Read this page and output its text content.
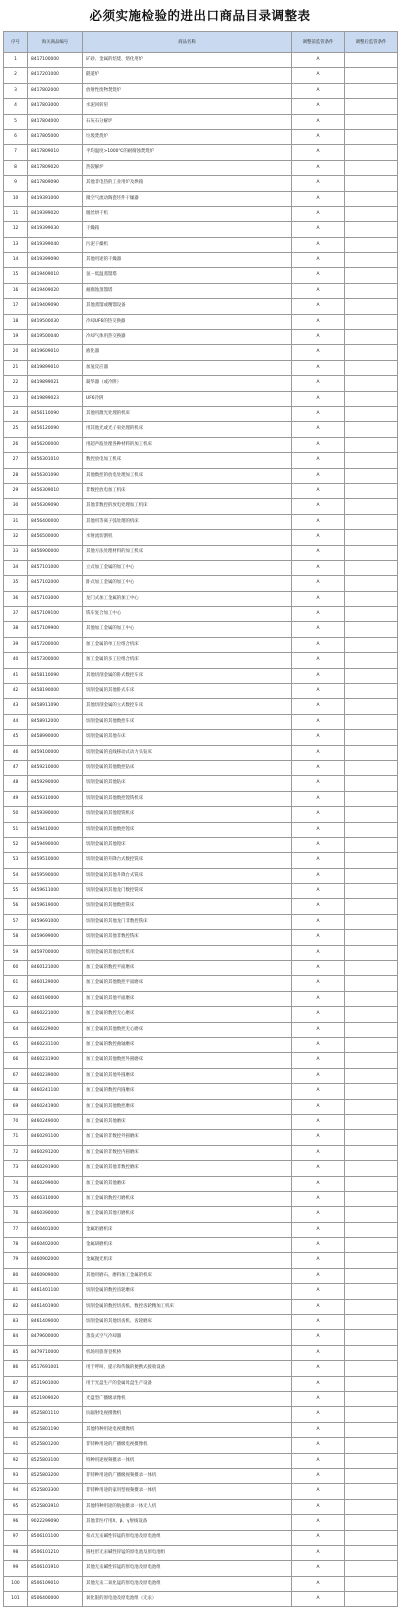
必须实施检验的进出口商品目录调整表
序号	海关商品编号	商品名称	调整前监管条件	调整后监管条件
1	8417100000	矿砂、金属的焙烧、熔化用炉	A	
2	8417201000	隧道炉	A	
3	8417802000	放射性废物焚烧炉	A	
4	8417803000	水泥回转窑	A	
5	8417804000	石灰石分解炉	A	
6	8417805000	垃圾焚烧炉	A	
7	8417809010	平均温度>1000℃的耐腐蚀焚烧炉	A	
8	8417809020	热裂解炉	A	
9	8417809090	其他非电热的工业用炉及烘箱	A	
10	8419391000	微空气流动陶瓷坯件干燥器	A	
11	8419399020	烟丝烘干机	A	
12	8419399030	干燥箱	A	
13	8419399040	污泥干燥机	A	
14	8419399090	其他用途的干燥器	A	
15	8419409010	氢－低温蒸馏塔	A	
16	8419409020	耐腐蚀蒸馏塔	A	
17	8419409090	其他蒸馏或精馏设备	A	
18	8419500030	冷却UF6的热交换器	A	
19	8419500040	冷却气体用热交换器	A	
20	8419609010	液化器	A	
21	8419899010	加氢反应器	A	
22	8419899021	凝华器（或冷阱）	A	
23	8419899023	UF6冷阱	A	
24	8456110090	其他用激光处理的机床	A	
25	8456120090	用其他光或光子束处理的机床	A	
26	8456200000	用超声波处理各种材料的加工机床	A	
27	8456301010	数控放电加工机床	A	
28	8456301090	其他数控的放电处理加工机床	A	
29	8456309010	非数控放电加工机床	A	
30	8456309090	其他非数控的放电处理加工机床	A	
31	8456400000	其他用等离子弧处理的机床	A	
32	8456500000	水射流切割机	A	
33	8456900000	其他方法处理材料的加工机床	A	
34	8457101000	立式加工金属的加工中心	A	
35	8457102000	卧式加工金属的加工中心	A	
36	8457103000	龙门式加工金属的加工中心	A	
37	8457109100	铣车复合加工中心	A	
38	8457109900	其他加工金属的加工中心	A	
39	8457200000	加工金属的单工位组合机床	A	
40	8457300000	加工金属的多工位组合机床	A	
41	8458110090	其他切削金属的卧式数控车床	A	
42	8458190000	切削金属的其他卧式车床	A	
43	8458911090	其他切削金属的立式数控车床	A	
44	8458912000	切削金属的其他数控车床	A	
45	8458990000	切削金属的其他车床	A	
46	8459100000	切削金属的直线移动式动力头钻床	A	
47	8459210000	切削金属的其他数控钻床	A	
48	8459290000	切削金属的其他钻床	A	
49	8459310000	切削金属的其他数控镗铣机床	A	
50	8459390000	切削金属的其他镗铣机床	A	
51	8459410000	切削金属的其他数控镗床	A	
52	8459490000	切削金属的其他镗床	A	
53	8459510000	切削金属的升降台式数控铣床	A	
54	8459590000	切削金属的其他升降台式铣床	A	
55	8459611000	切削金属的其他龙门数控铣床	A	
56	8459619000	切削金属的其他数控铣床	A	
57	8459691000	切削金属的其他龙门非数控铣床	A	
58	8459699000	切削金属的其他非数控铣床	A	
59	8459700000	切削金属的其他攻丝机床	A	
60	8460121000	加工金属的数控平面磨床	A	
61	8460129000	加工金属的其他数控平面磨床	A	
62	8460190000	加工金属的其他平面磨床	A	
63	8460221000	加工金属的数控无心磨床	A	
64	8460229000	加工金属的其他数控无心磨床	A	
65	8460231100	加工金属的数控曲轴磨床	A	
66	8460231900	加工金属的其他数控外圆磨床	A	
67	8460239000	加工金属的其他外圆磨床	A	
68	8460241100	加工金属的数控内圆磨床	A	
69	8460241900	加工金属的其他数控磨床	A	
70	8460249000	加工金属的其他磨床	A	
71	8460291100	加工金属的非数控外圆磨床	A	
72	8460291200	加工金属的非数控内圆磨床	A	
73	8460291900	加工金属的其他非数控磨床	A	
74	8460299000	加工金属的其他磨床	A	
75	8460310000	加工金属的数控刃磨机床	A	
76	8460390000	加工金属的其他刃磨机床	A	
77	8460401000	金属珩磨机床	A	
78	8460402000	金属研磨机床	A	
79	8460902000	金属抛光机床	A	
80	8460909000	其他用磨石、磨料加工金属的机床	A	
81	8461401100	切削金属的数控齿轮磨床	A	
82	8461401900	切削金属的数控切齿机、数控齿轮精加工机床	A	
83	8461409000	切削金属的其他切齿机、齿轮磨床	A	
84	8479600000	蒸发式空气冷却器	A	
85	8479710000	机场用旅客登机桥	A	
86	8517691001	用于呼叫、提示和传输的便携式接收设备	A	
87	8521901000	用于光盘生产的金属母盘生产设备	A	
88	8521909020	光盘型广播级录像机	A	
89	8525801110	抗辐射电视摄像机	A	
90	8525801190	其他特种用途电视摄像机	A	
91	8525801200	非特种用途的广播级电视摄像机	A	
92	8525803100	特种用途视频摄录一体机	A	
93	8525803200	非特种用途的广播级视频摄录一体机	A	
94	8525803300	非特种用途的家用型视频摄录一体机	A	
95	8525803910	其他特种用途的航拍摄录一体无人机	A	
96	9022299090	其他非医疗用X、β、γ射线设备	A	
97	8506101100	扣式无汞碱性锌锰的原电池及原电池组	A	
98	8506101210	圆柱形无汞碱性锌锰的原电池及原电池组	A	
99	8506101910	其他无汞碱性锌锰的原电池及原电池组	A	
100	8506109010	其他无汞二氧化锰的原电池及原电池组	A	
101	8506400000	氧化银的原电池及原电池组（无汞）	A	
